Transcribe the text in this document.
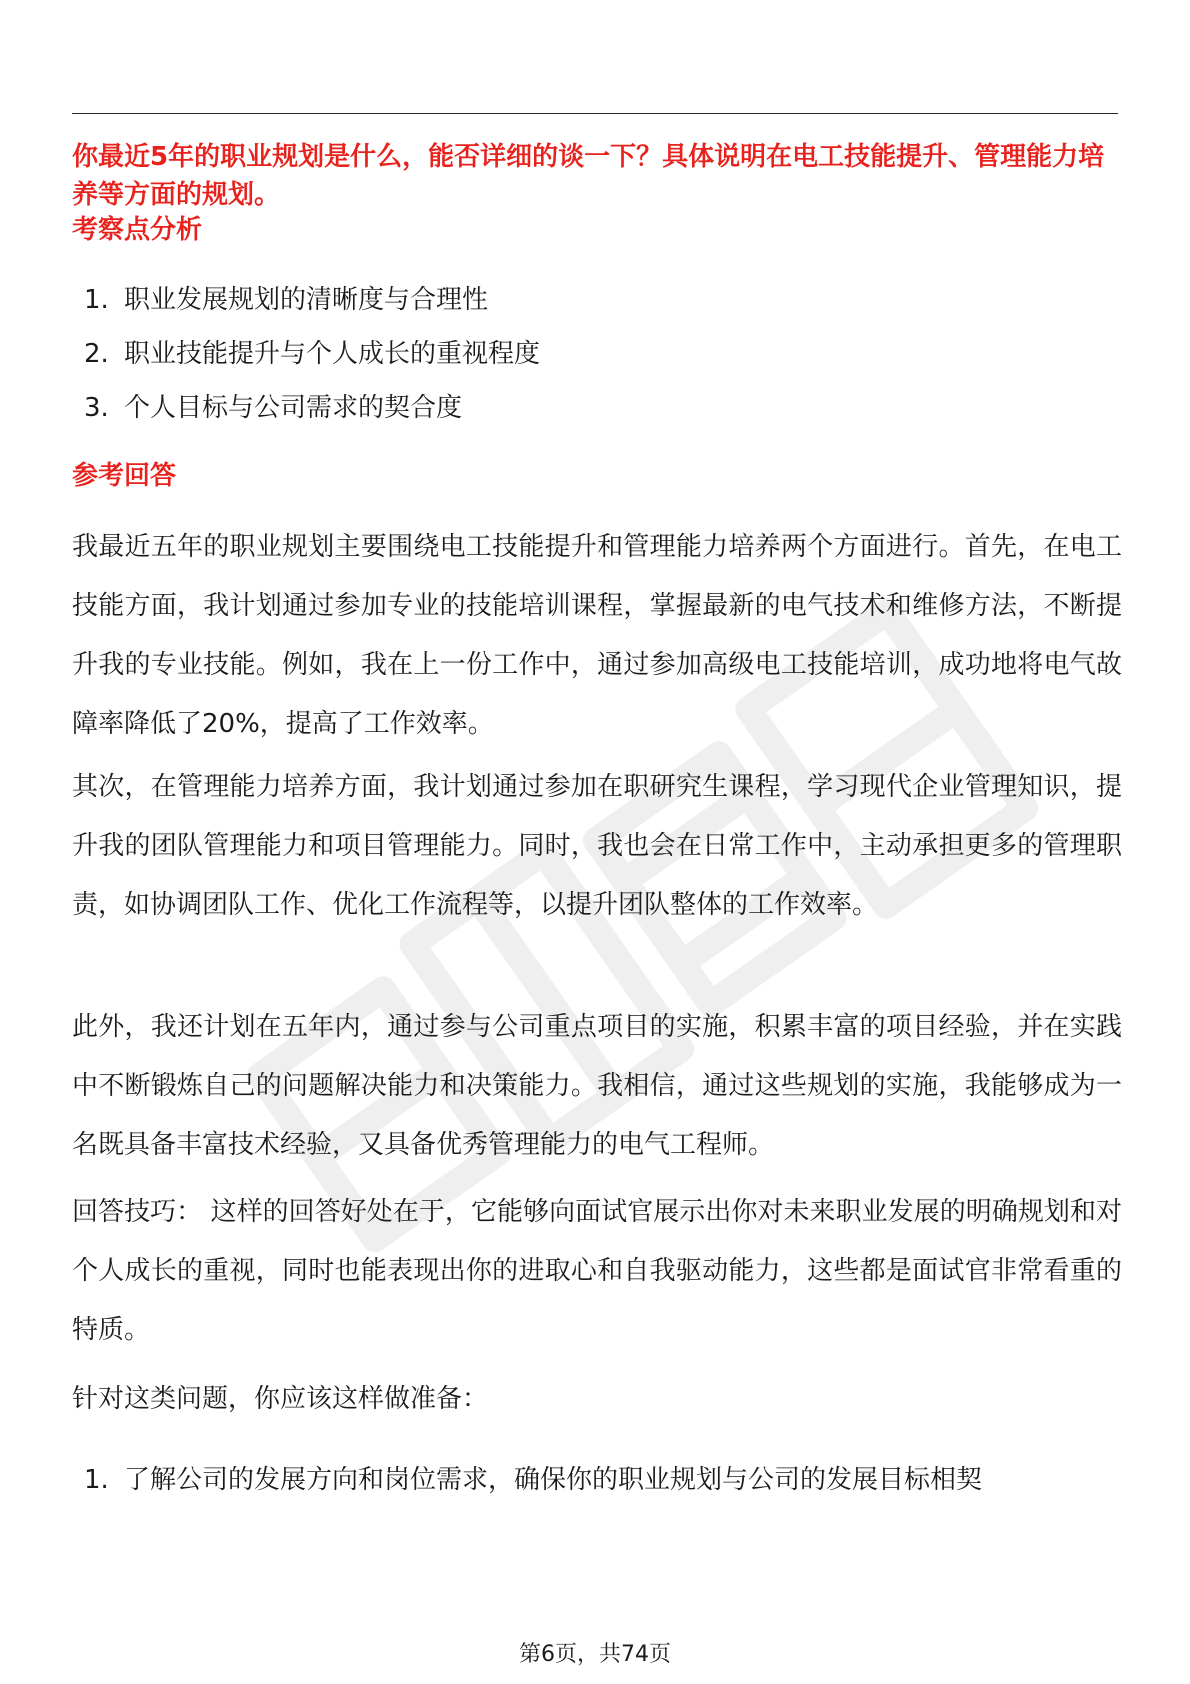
你最近5年的职业规划是什么，能否详细的谈一下？具体说明在电工技能提升、管理能力培养等方面的规划。

考察点分析
1. 职业发展规划的清晰度与合理性
2. 职业技能提升与个人成长的重视程度
3. 个人目标与公司需求的契合度
参考回答

我最近五年的职业规划主要围绕电工技能提升和管理能力培养两个方面进行。首先，在电工技能方面，我计划通过参加专业的技能培训课程，掌握最新的电气技术和维修方法，不断提升我的专业技能。例如，我在上一份工作中，通过参加高级电工技能培训，成功地将电气故障率降低了20%，提高了工作效率。

其次，在管理能力培养方面，我计划通过参加在职研究生课程，学习现代企业管理知识，提升我的团队管理能力和项目管理能力。同时，我也会在日常工作中，主动承担更多的管理职责，如协调团队工作、优化工作流程等，以提升团队整体的工作效率。

此外，我还计划在五年内，通过参与公司重点项目的实施，积累丰富的项目经验，并在实践中不断锻炼自己的问题解决能力和决策能力。我相信，通过这些规划的实施，我能够成为一名既具备丰富技术经验，又具备优秀管理能力的电气工程师。

回答技巧： 这样的回答好处在于，它能够向面试官展示出你对未来职业发展的明确规划和对个人成长的重视，同时也能表现出你的进取心和自我驱动能力，这些都是面试官非常看重的特质。

针对这类问题，你应该这样做准备：

1. 了解公司的发展方向和岗位需求，确保你的职业规划与公司的发展目标相契
第6页，共74页
